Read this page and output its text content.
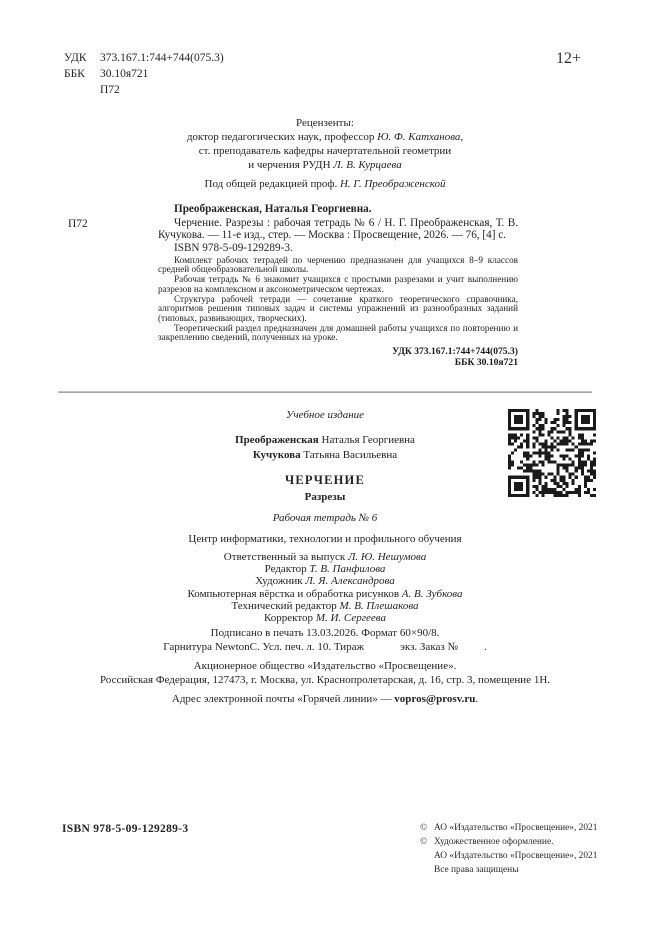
УДК 373.167.1:744+744(075.3)
ББК 30.10я721
П72
12+
Рецензенты:
доктор педагогических наук, профессор Ю. Ф. Катханова,
ст. преподаватель кафедры начертательной геометрии
и черчения РУДН Л. В. Курцаева
Под общей редакцией проф. Н. Г. Преображенской
П72
Преображенская, Наталья Георгиевна.

Черчение. Разрезы : рабочая тетрадь № 6 / Н. Г. Преображенская, Т. В. Кучукова. — 11-е изд., стер. — Москва : Просвещение, 2026. — 76, [4] с.

ISBN 978-5-09-129289-3.

Комплект рабочих тетрадей по черчению предназначен для учащихся 8–9 классов средней общеобразовательной школы.

Рабочая тетрадь № 6 знакомит учащихся с простыми разрезами и учит выполнению разрезов на комплексном и аксонометрическом чертежах.

Структура рабочей тетради — сочетание краткого теоретического справочника, алгоритмов решения типовых задач и системы упражнений из разнообразных заданий (типовых, развивающих, творческих).

Теоретический раздел предназначен для домашней работы учащихся по повторению и закреплению сведений, полученных на уроке.

УДК 373.167.1:744+744(075.3)
ББК 30.10я721
Учебное издание
Преображенская Наталья Георгиевна
Кучукова Татьяна Васильевна
ЧЕРЧЕНИЕ
Разрезы
Рабочая тетрадь № 6
Центр информатики, технологии и профильного обучения
Ответственный за выпуск Л. Ю. Нешумова
Редактор Т. В. Панфилова
Художник Л. Я. Александрова
Компьютерная вёрстка и обработка рисунков А. В. Зубкова
Технический редактор М. В. Плешакова
Корректор М. И. Сергеева
Подписано в печать 13.03.2026. Формат 60×90/8.
Гарнитура NewtonC. Усл. печ. л. 10. Тираж	экз. Заказ № .
Акционерное общество «Издательство «Просвещение».
Российская Федерация, 127473, г. Москва, ул. Краснопролетарская, д. 16, стр. 3, помещение 1Н.
Адрес электронной почты «Горячей линии» — vopros@prosv.ru.
ISBN 978-5-09-129289-3	© АО «Издательство «Просвещение», 2021
© Художественное оформление.
АО «Издательство «Просвещение», 2021
Все права защищены
